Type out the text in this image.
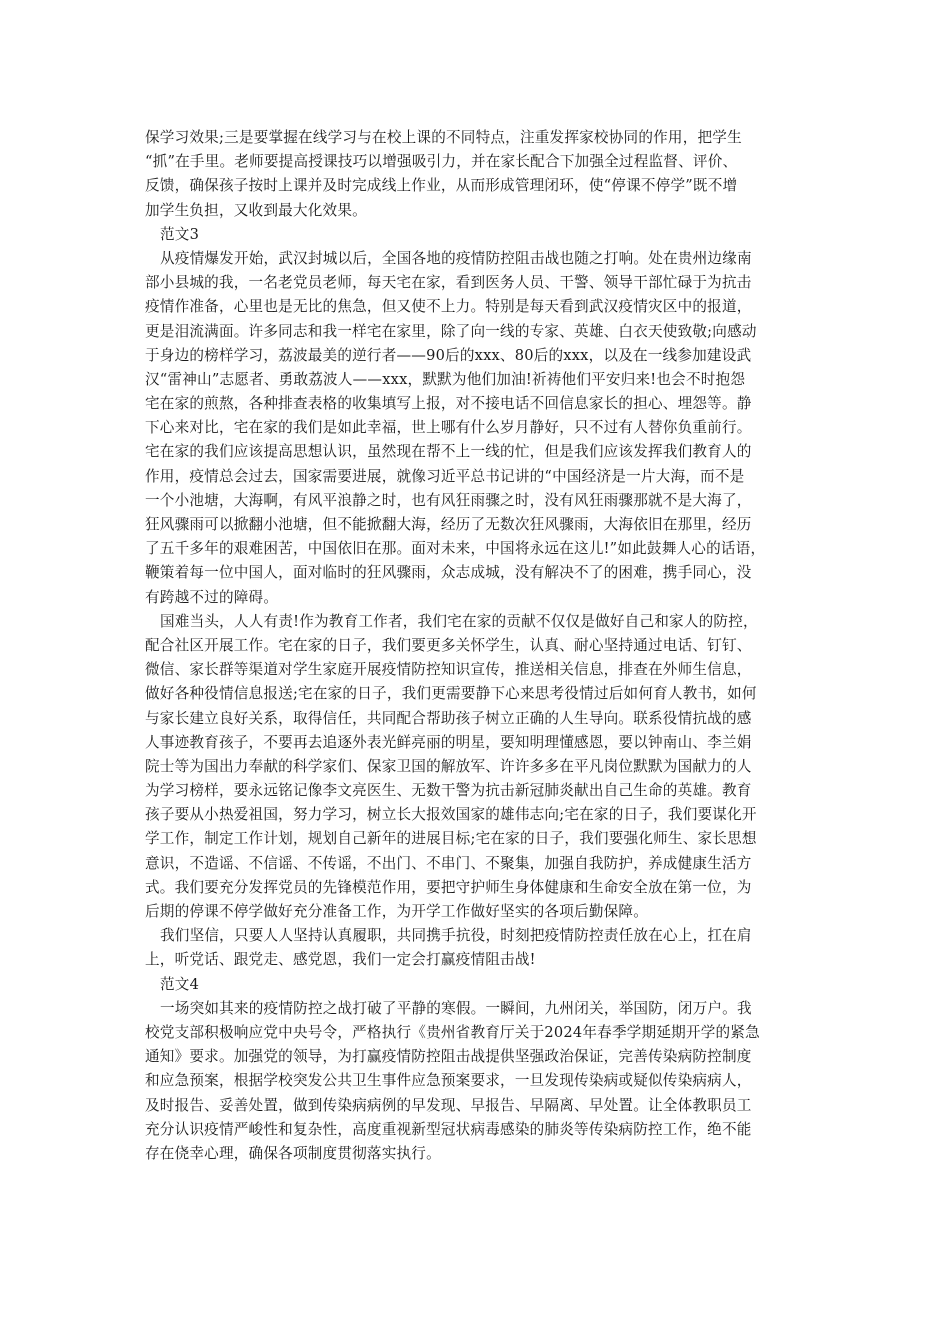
保学习效果;三是要掌握在线学习与在校上课的不同特点，注重发挥家校协同的作用，把学生
“抓”在手里。老师要提高授课技巧以增强吸引力，并在家长配合下加强全过程监督、评价、
反馈，确保孩子按时上课并及时完成线上作业，从而形成管理闭环，使“停课不停学”既不增
加学生负担，又收到最大化效果。
范文3
从疫情爆发开始，武汉封城以后，全国各地的疫情防控阻击战也随之打响。处在贵州边缘南
部小县城的我，一名老党员老师，每天宅在家，看到医务人员、干警、领导干部忙碌于为抗击
疫情作准备，心里也是无比的焦急，但又使不上力。特别是每天看到武汉疫情灾区中的报道，
更是泪流满面。许多同志和我一样宅在家里，除了向一线的专家、英雄、白衣天使致敬;向感动
于身边的榜样学习，荔波最美的逆行者——90后的xxx、80后的xxx，以及在一线参加建设武
汉“雷神山”志愿者、勇敢荔波人——xxx，默默为他们加油!祈祷他们平安归来!也会不时抱怨
宅在家的煎熬，各种排查表格的收集填写上报，对不接电话不回信息家长的担心、埋怨等。静
下心来对比，宅在家的我们是如此幸福，世上哪有什么岁月静好，只不过有人替你负重前行。
宅在家的我们应该提高思想认识，虽然现在帮不上一线的忙，但是我们应该发挥我们教育人的
作用，疫情总会过去，国家需要进展，就像习近平总书记讲的“中国经济是一片大海，而不是
一个小池塘，大海啊，有风平浪静之时，也有风狂雨骤之时，没有风狂雨骤那就不是大海了，
狂风骤雨可以掀翻小池塘，但不能掀翻大海，经历了无数次狂风骤雨，大海依旧在那里，经历
了五千多年的艰难困苦，中国依旧在那。面对未来，中国将永远在这儿!”如此鼓舞人心的话语，
鞭策着每一位中国人，面对临时的狂风骤雨，众志成城，没有解决不了的困难，携手同心，没
有跨越不过的障碍。
国难当头，人人有责!作为教育工作者，我们宅在家的贡献不仅仅是做好自己和家人的防控，
配合社区开展工作。宅在家的日子，我们要更多关怀学生，认真、耐心坚持通过电话、钉钉、
微信、家长群等渠道对学生家庭开展疫情防控知识宣传，推送相关信息，排查在外师生信息，
做好各种役情信息报送;宅在家的日子，我们更需要静下心来思考役情过后如何育人教书，如何
与家长建立良好关系，取得信任，共同配合帮助孩子树立正确的人生导向。联系役情抗战的感
人事迹教育孩子，不要再去追逐外表光鲜亮丽的明星，要知明理懂感恩，要以钟南山、李兰娟
院士等为国出力奉献的科学家们、保家卫国的解放军、许许多多在平凡岗位默默为国献力的人
为学习榜样，要永远铭记像李文亮医生、无数干警为抗击新冠肺炎献出自己生命的英雄。教育
孩子要从小热爱祖国，努力学习，树立长大报效国家的雄伟志向;宅在家的日子，我们要谋化开
学工作，制定工作计划，规划自己新年的进展目标;宅在家的日子，我们要强化师生、家长思想
意识，不造谣、不信谣、不传谣，不出门、不串门、不聚集，加强自我防护，养成健康生活方
式。我们要充分发挥党员的先锋模范作用，要把守护师生身体健康和生命安全放在第一位，为
后期的停课不停学做好充分准备工作，为开学工作做好坚实的各项后勤保障。
我们坚信，只要人人坚持认真履职，共同携手抗役，时刻把疫情防控责任放在心上，扛在肩
上，听党话、跟党走、感党恩，我们一定会打赢疫情阻击战!
范文4
一场突如其来的疫情防控之战打破了平静的寒假。一瞬间，九州闭关，举国防，闭万户。我
校党支部积极响应党中央号令，严格执行《贵州省教育厅关于2024年春季学期延期开学的紧急
通知》要求。加强党的领导，为打赢疫情防控阻击战提供坚强政治保证，完善传染病防控制度
和应急预案，根据学校突发公共卫生事件应急预案要求，一旦发现传染病或疑似传染病病人，
及时报告、妥善处置，做到传染病病例的早发现、早报告、早隔离、早处置。让全体教职员工
充分认识疫情严峻性和复杂性，高度重视新型冠状病毒感染的肺炎等传染病防控工作，绝不能
存在侥幸心理，确保各项制度贯彻落实执行。
